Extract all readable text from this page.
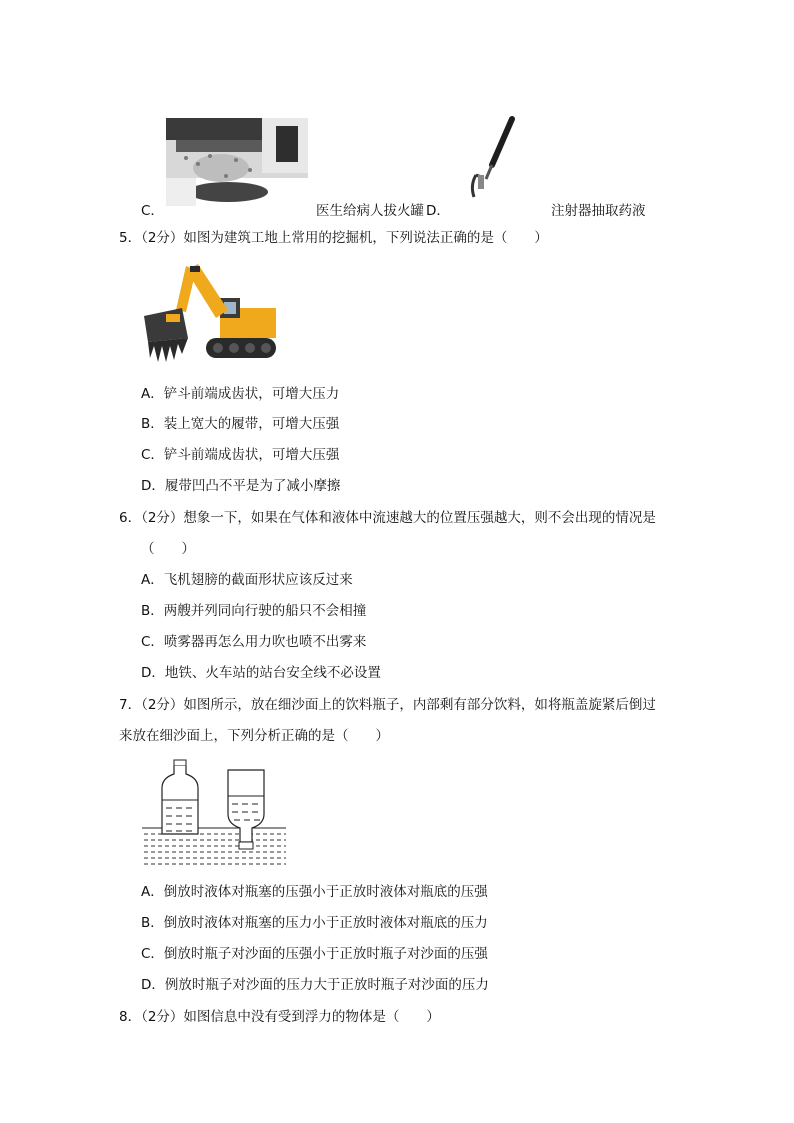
C．	医生给病人拔火罐 D．	注射器抽取药液
5．（2分）如图为建筑工地上常用的挖掘机，下列说法正确的是（　　）
A．铲斗前端成齿状，可增大压力
B．装上宽大的履带，可增大压强
C．铲斗前端成齿状，可增大压强
D．履带凹凸不平是为了减小摩擦
6．（2分）想象一下，如果在气体和液体中流速越大的位置压强越大，则不会出现的情况是
（　　）
A．飞机翅膀的截面形状应该反过来
B．两艘并列同向行驶的船只不会相撞
C．喷雾器再怎么用力吹也喷不出雾来
D．地铁、火车站的站台安全线不必设置
7．（2分）如图所示，放在细沙面上的饮料瓶子，内部剩有部分饮料，如将瓶盖旋紧后倒过
来放在细沙面上，下列分析正确的是（　　）
A．倒放时液体对瓶塞的压强小于正放时液体对瓶底的压强
B．倒放时液体对瓶塞的压力小于正放时液体对瓶底的压力
C．倒放时瓶子对沙面的压强小于正放时瓶子对沙面的压强
D．例放时瓶子对沙面的压力大于正放时瓶子对沙面的压力
8．（2分）如图信息中没有受到浮力的物体是（　　）
